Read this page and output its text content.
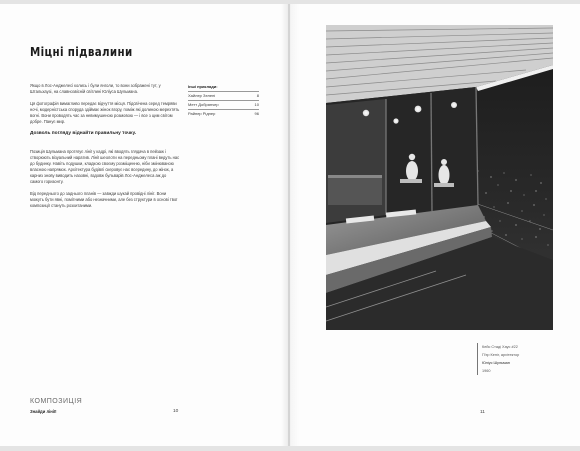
Міцні підвалини

Якщо в Лос-Анджелесі колись і були янголи, то вони зображені тут, у Штальхаузі, на славнозвісній світлині Юліуса Шульмана.

Ця фотографія вимагливо передає відчуття місця. Підсвічена серед темряви ночі, модерністська споруда здіймає жінок вгору, поміж які долиною мерехтять вогні. Вони проводять час за невимушеною розмовою — і все з цим світом добре. Панує мир.

Дозволь погляду віднайти правильну точку.

Позиція Шульмана протягує лінії у кадрі, які вводять глядача в пейзаж і створюють візуальний наратив. Лінії шеолоти на передньому плані ведуть нас до будинку. Навіть подушки, кладкою своєму розміщенню, ніби змінюваною власною напрямок. Архітектура будівлі скеровує нас всередину, до жінок, а карниз знову виводить назовні, вздовж бульварів Лос-Анджелеса аж до самого горизонту.

Від переднього до заднього планів — завжди шукай провідні лінії. Вони можуть бути явні, помітними або незначними, але без структури в основі твої композиції стануть розхитаними.

Інші приклади:
Хайлер Зелені	8
Метт Добрянчер	10
Райнер Ріднер	96
КОМПОЗИЦІЯ
Знайди лінії!	10
Кейс Стаді Хаус #22
П'єр Кеніг, архітектор
Юліус Шульман
1960
11
